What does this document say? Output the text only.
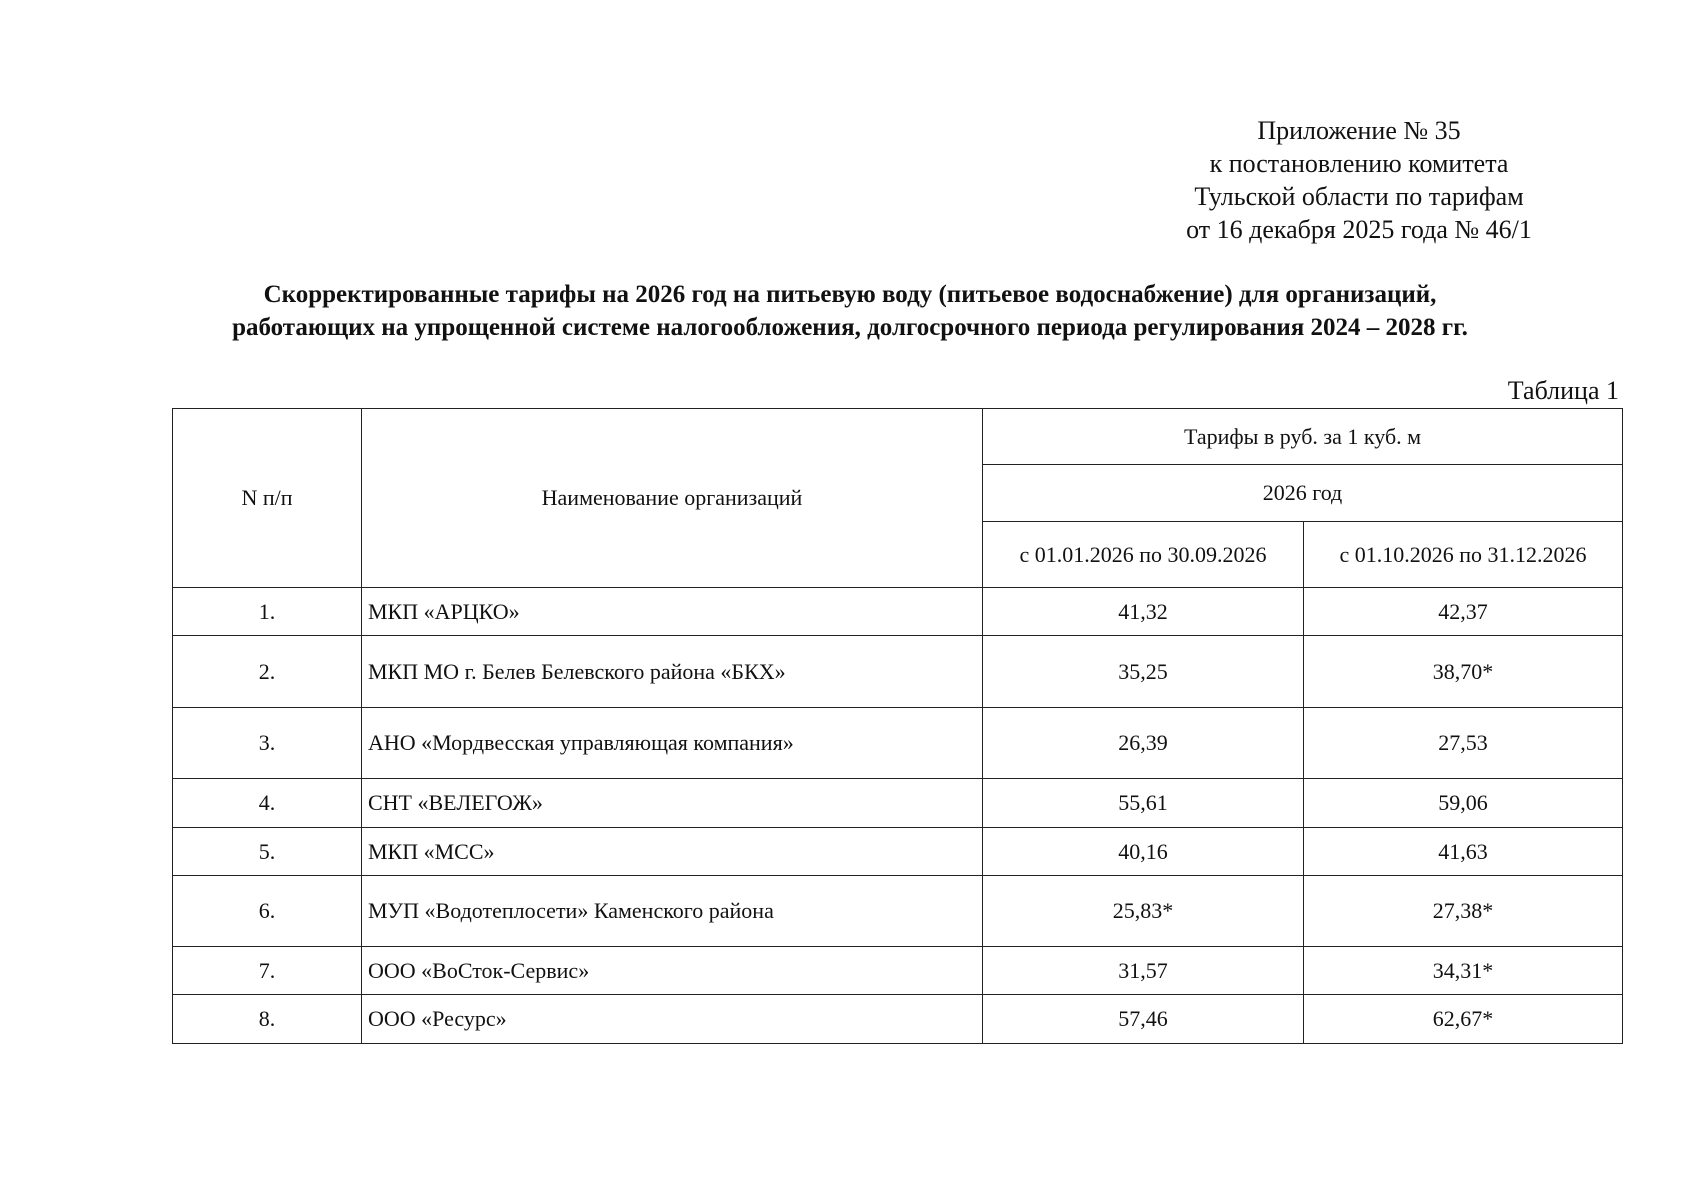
Приложение № 35
к постановлению комитета
Тульской области по тарифам
от 16 декабря 2025 года № 46/1
Скорректированные тарифы на 2026 год на питьевую воду (питьевое водоснабжение) для организаций,
работающих на упрощенной системе налогообложения, долгосрочного периода регулирования 2024 – 2028 гг.
Таблица 1
N п/п	Наименование организаций	Тарифы в руб. за 1 куб. м	
		2026 год	
		с 01.01.2026 по 30.09.2026	с 01.10.2026 по 31.12.2026
1.	МКП «АРЦКО»	41,32	42,37
2.	МКП МО г. Белев Белевского района «БКХ»	35,25	38,70*
3.	АНО «Мордвесская управляющая компания»	26,39	27,53
4.	СНТ «ВЕЛЕГОЖ»	55,61	59,06
5.	МКП «МСС»	40,16	41,63
6.	МУП «Водотеплосети» Каменского района	25,83*	27,38*
7.	ООО «ВоСток-Сервис»	31,57	34,31*
8.	ООО «Ресурс»	57,46	62,67*
